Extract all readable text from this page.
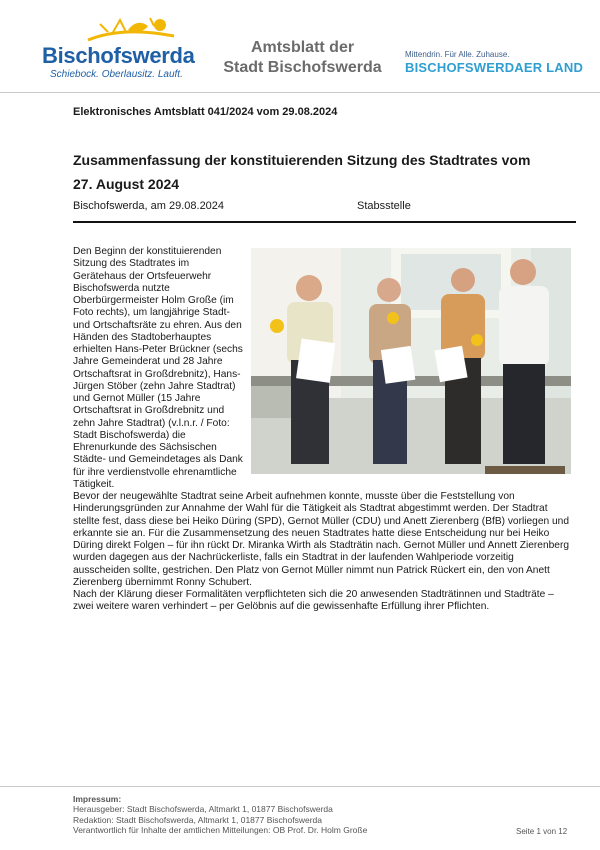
Bischofswerda
Schiebock. Oberlausitz. Lauft.
Amtsblatt der
Stadt Bischofswerda
Mittendrin. Für Alle. Zuhause.
BISCHOFSWERDAER LAND
Elektronisches Amtsblatt 041/2024 vom 29.08.2024
Zusammenfassung der konstituierenden Sitzung des Stadtrates vom 27. August 2024
Bischofswerda, am 29.08.2024	Stabsstelle

Den Beginn der konstituierenden Sitzung des Stadtrates im Gerätehaus der Ortsfeuerwehr Bischofswerda nutzte Oberbürgermeister Holm Große (im Foto rechts), um langjährige Stadt- und Ortschaftsräte zu ehren. Aus den Händen des Stadtoberhauptes erhielten Hans-Peter Brückner (sechs Jahre Gemeinderat und 28 Jahre Ortschaftsrat in Großdrebnitz), Hans-Jürgen Stöber (zehn Jahre Stadtrat) und Gernot Müller (15 Jahre Ortschaftsrat in Großdrebnitz und zehn Jahre Stadtrat) (v.l.n.r. / Foto: Stadt Bischofswerda) die Ehrenurkunde des Sächsischen Städte- und Gemeindetages als Dank für ihre verdienstvolle ehrenamtliche Tätigkeit.

Bevor der neugewählte Stadtrat seine Arbeit aufnehmen konnte, musste über die Feststellung von Hinderungsgründen zur Annahme der Wahl für die Tätigkeit als Stadtrat abgestimmt werden. Der Stadtrat stellte fest, dass diese bei Heiko Düring (SPD), Gernot Müller (CDU) und Anett Zierenberg (BfB) vorliegen und erkannte sie an. Für die Zusammensetzung des neuen Stadtrates hatte diese Entscheidung nur bei Heiko Düring direkt Folgen – für ihn rückt Dr. Miranka Wirth als Stadträtin nach. Gernot Müller und Annett Zierenberg wurden dagegen aus der Nachrückerliste, falls ein Stadtrat in der laufenden Wahlperiode vorzeitig ausscheiden sollte, gestrichen. Den Platz von Gernot Müller nimmt nun Patrick Rückert ein, den von Anett Zierenberg übernimmt Ronny Schubert.

Nach der Klärung dieser Formalitäten verpflichteten sich die 20 anwesenden Stadträtinnen und Stadträte – zwei weitere waren verhindert – per Gelöbnis auf die gewissenhafte Erfüllung ihrer Pflichten.

Impressum:
Herausgeber: Stadt Bischofswerda, Altmarkt 1, 01877 Bischofswerda
Redaktion: Stadt Bischofswerda, Altmarkt 1, 01877 Bischofswerda
Verantwortlich für Inhalte der amtlichen Mitteilungen: OB Prof. Dr. Holm Große	Seite 1 von 12
